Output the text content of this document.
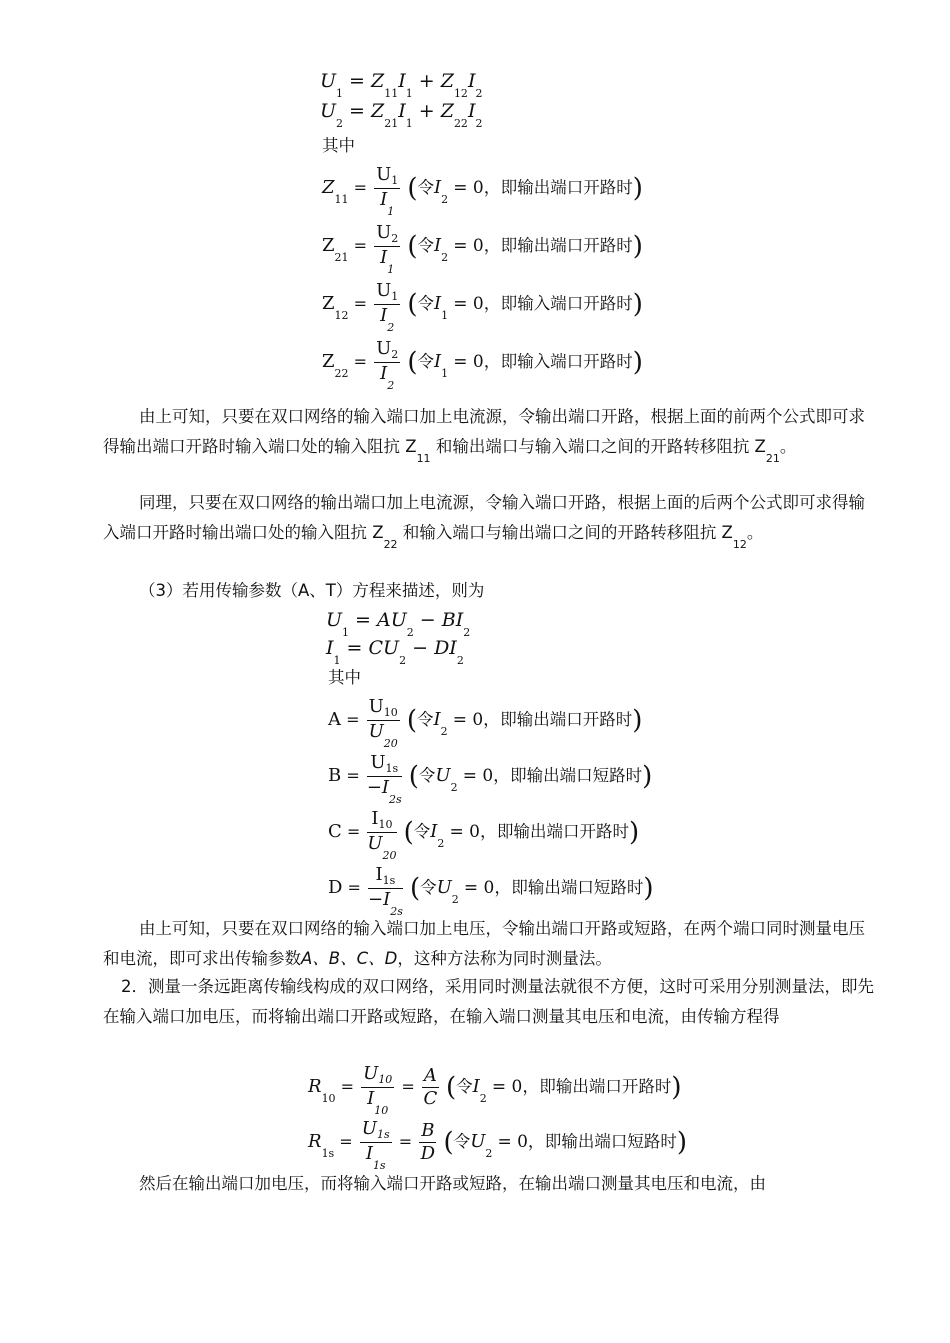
$U_1 = Z_{11}I_1 + Z_{12}I_2$
$U_2 = Z_{21}I_1 + Z_{22}I_2$
其中
$Z_{11} = \frac{U_1}{I_1}$ (令$I_2 = 0$，即输出端口开路时)
$Z_{21} = \frac{U_2}{I_1}$ (令$I_2 = 0$，即输出端口开路时)
$Z_{12} = \frac{U_1}{I_2}$ (令$I_1 = 0$，即输入端口开路时)
$Z_{22} = \frac{U_2}{I_2}$ (令$I_1 = 0$，即输入端口开路时)
由上可知，只要在双口网络的输入端口加上电流源，令输出端口开路，根据上面的前两个公式即可求得输出端口开路时输入端口处的输入阻抗 $Z_{11}$ 和输出端口与输入端口之间的开路转移阻抗 $Z_{21}$。
同理，只要在双口网络的输出端口加上电流源，令输入端口开路，根据上面的后两个公式即可求得输入端口开路时输出端口处的输入阻抗 $Z_{22}$ 和输入端口与输出端口之间的开路转移阻抗 $Z_{12}$。
（3）若用传输参数（A、T）方程来描述，则为
$U_1 = AU_2 - BI_2$
$I_1 = CU_2 - DI_2$
其中
$A = \frac{U_{10}}{U_{20}}$ (令$I_2 = 0$，即输出端口开路时)
$B = \frac{U_{1s}}{-I_{2s}}$ (令$U_2 = 0$，即输出端口短路时)
$C = \frac{I_{10}}{U_{20}}$ (令$I_2 = 0$，即输出端口开路时)
$D = \frac{I_{1s}}{-I_{2s}}$ (令$U_2 = 0$，即输出端口短路时)
由上可知，只要在双口网络的输入端口加上电压，令输出端口开路或短路，在两个端口同时测量电压和电流，即可求出传输参数A、B、C、D，这种方法称为同时测量法。
2．测量一条远距离传输线构成的双口网络，采用同时测量法就很不方便，这时可采用分别测量法，即先在输入端口加电压，而将输出端口开路或短路，在输入端口测量其电压和电流，由传输方程得
$R_{10} = \frac{U_{10}}{I_{10}} = \frac{A}{C}$ (令$I_2 = 0$，即输出端口开路时)
$R_{1s} = \frac{U_{1s}}{I_{1s}} = \frac{B}{D}$ (令$U_2 = 0$，即输出端口短路时)
然后在输出端口加电压，而将输入端口开路或短路，在输出端口测量其电压和电流，由
